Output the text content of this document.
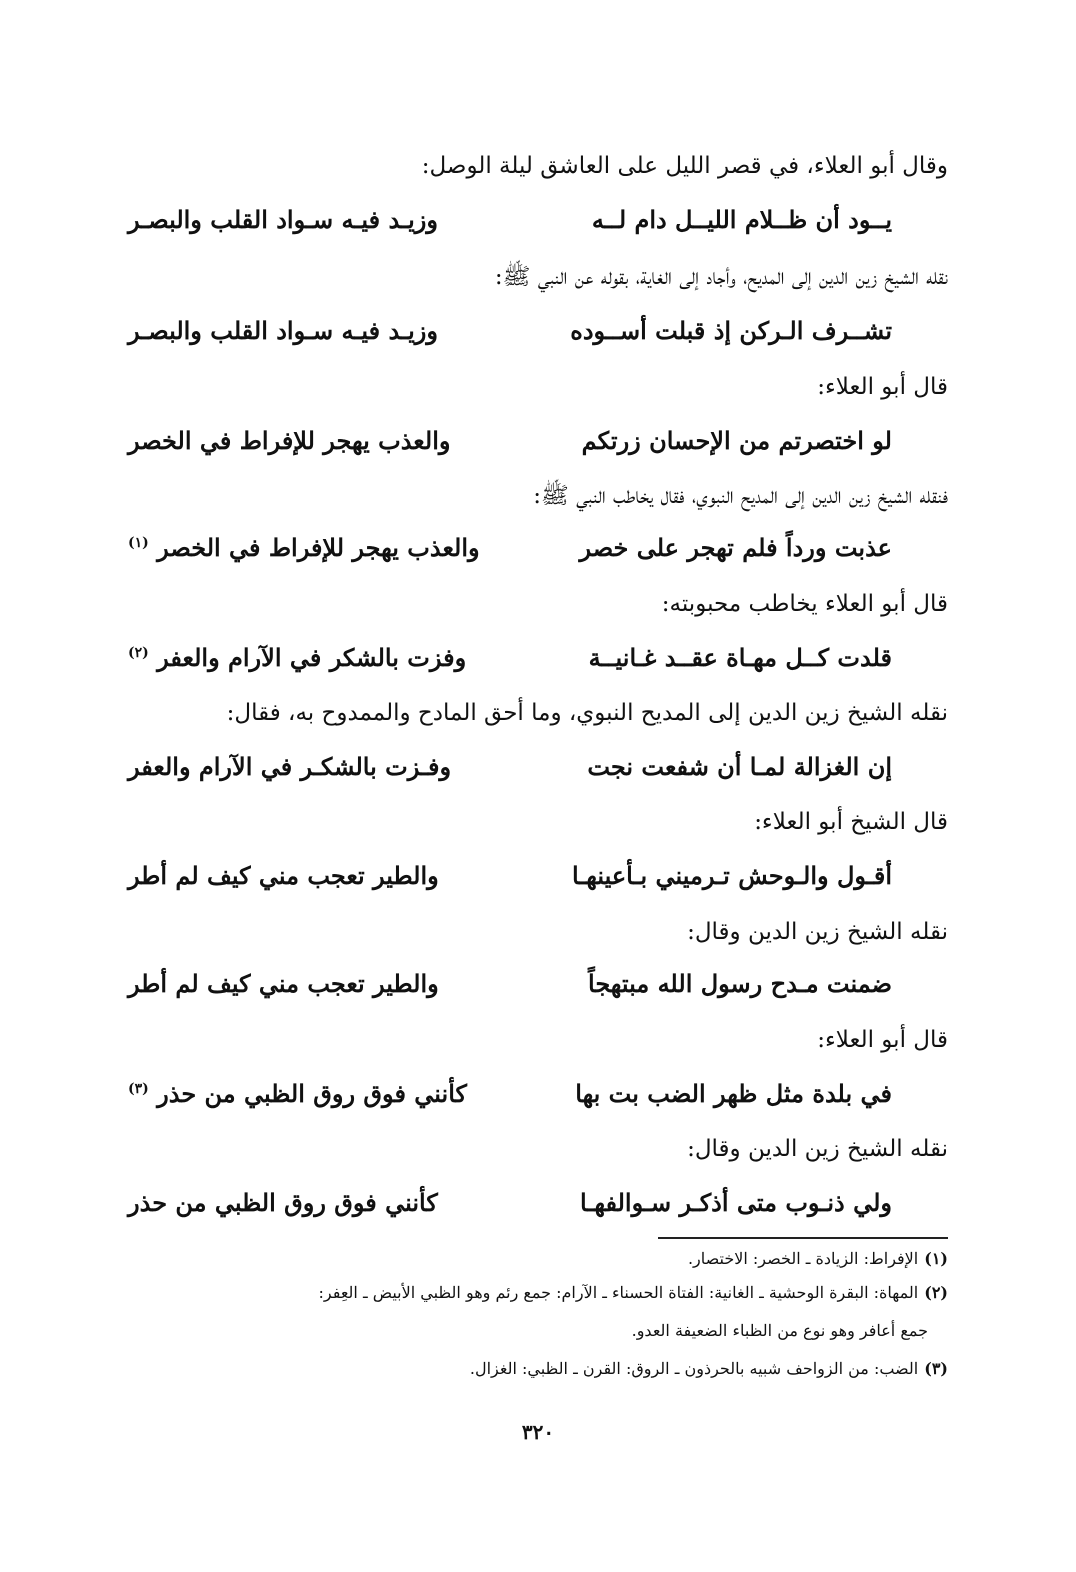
وقال أبو العلاء، في قصر الليل على العاشق ليلة الوصل:
يــود أن ظــلام الليــل دام لــه
وزيـد فيـه سـواد القلب والبصـر
نقله الشيخ زين الدين إلى المديح، وأجاد إلى الغاية، بقوله عن النبي ﷺ:
تشــرف الـركن إذ قبلت أســوده
وزيـد فيـه سـواد القلب والبصـر
قال أبو العلاء:
لو اختصرتم من الإحسان زرتكم
والعذب يهجر للإفراط في الخصر
فنقله الشيخ زين الدين إلى المديح النبوي، فقال يخاطب النبي ﷺ:
عذبت ورداً فلم تهجر على خصر
والعذب يهجر للإفراط في الخصر $^{(١)}$
قال أبو العلاء يخاطب محبوبته:
قلدت كــل مهـاة عقــد غـانيــة
وفزت بالشكر في الآرام والعفر $^{(٢)}$
نقله الشيخ زين الدين إلى المديح النبوي، وما أحق المادح والممدوح به، فقال:
إن الغزالة لمـا أن شفعت نجت
وفـزت بالشكـر في الآرام والعفر
قال الشيخ أبو العلاء:
أقـول والـوحش تـرميني بـأعينهـا
والطير تعجب مني كيف لم أطر
نقله الشيخ زين الدين وقال:
ضمنت مـدح رسول الله مبتهجاً
والطير تعجب مني كيف لم أطر
قال أبو العلاء:
في بلدة مثل ظهر الضب بت بها
كأنني فوق روق الظبي من حذر $^{(٣)}$
نقله الشيخ زين الدين وقال:
ولي ذنـوب متى أذكـر سـوالفهـا
كأنني فوق روق الظبي من حذر
(١)الإفراط: الزيادة ـ الخصر: الاختصار.
(٢)المهاة: البقرة الوحشية ـ الغانية: الفتاة الحسناء ـ الآرام: جمع رئم وهو الظبي الأبيض ـ العِفر:
جمع أعافر وهو نوع من الظباء الضعيفة العدو.
(٣)الضب: من الزواحف شبيه بالحرذون ـ الروق: القرن ـ الظبي: الغزال.
٣٢٠
